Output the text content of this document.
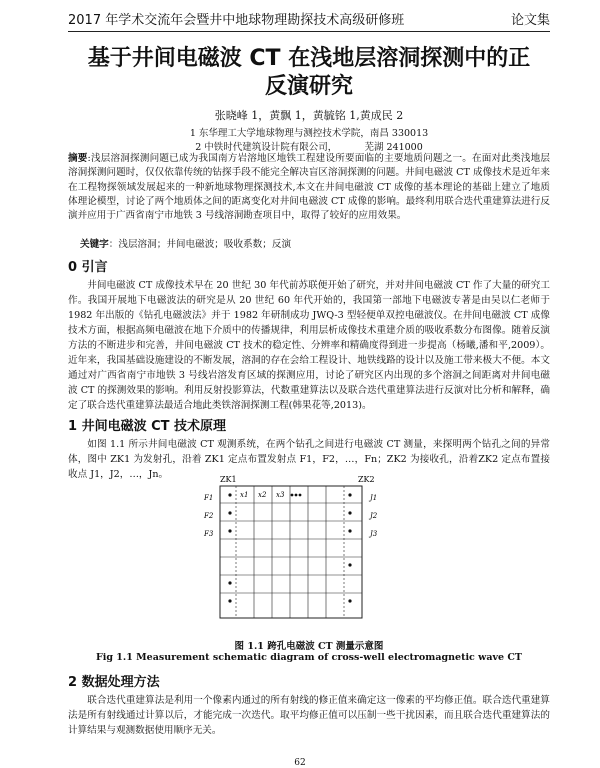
2017 年学术交流年会暨井中地球物理勘探技术高级研修班	论文集
基于井间电磁波 CT 在浅地层溶洞探测中的正
反演研究
张晓峰 1，黄飘 1，黄毓铭 1,黄成民 2
1 东华理工大学地球物理与测控技术学院，南昌 330013
2 中铁时代建筑设计院有限公司，         芜湖 241000
摘要:浅层溶洞探测问题已成为我国南方岩溶地区地铁工程建设所要面临的主要地质问题之一。在面对此类浅地层溶洞探测问题时，仅仅依靠传统的钻探手段不能完全解决盲区溶洞探测的问题。井间电磁波 CT 成像技术是近年来在工程物探领域发展起来的一种新地球物理探测技术,本文在井间电磁波 CT 成像的基本理论的基础上建立了地质体理论模型，讨论了两个地质体之间的距离变化对井间电磁波 CT 成像的影响。最终利用联合迭代重建算法进行反演并应用于广西省南宁市地铁 3 号线溶洞勘查项目中，取得了较好的应用效果。
关键字：浅层溶洞；井间电磁波；吸收系数；反演
0 引言
井间电磁波 CT 成像技术早在 20 世纪 30 年代前苏联便开始了研究，并对井间电磁波 CT 作了大量的研究工作。我国开展地下电磁波法的研究是从 20 世纪 60 年代开始的，我国第一部地下电磁波专著是由吴以仁老师于 1982 年出版的《钻孔电磁波法》并于 1982 年研制成功 JWQ-3 型轻便单双控电磁波仪。在井间电磁波 CT 成像技术方面，根据高频电磁波在地下介质中的传播规律，利用层析成像技术重建介质的吸收系数分布图像。随着反演方法的不断进步和完善，井间电磁波 CT 技术的稳定性、分辨率和精确度得到进一步提高（杨曦,潘和平,2009）。近年来，我国基础设施建设的不断发展，溶洞的存在会给工程设计、地铁线路的设计以及施工带来极大不便。本文通过对广西省南宁市地铁 3 号线岩溶发育区域的探测应用，讨论了研究区内出现的多个溶洞之间距离对井间电磁波 CT 的探测效果的影响。利用反射投影算法，代数重建算法以及联合迭代重建算法进行反演对比分析和解释，确定了联合迭代重建算法最适合地此类铁溶洞探测工程(韩果花等,2013)。
1 井间电磁波 CT 技术原理
如图 1.1 所示井间电磁波 CT 观测系统，在两个钻孔之间进行电磁波 CT 测量，来探明两个钻孔之间的异常体，图中 ZK1 为发射孔，沿着 ZK1 定点布置发射点 F1，F2，…，Fn；ZK2 为接收孔，沿着ZK2 定点布置接收点 J1，J2，…，Jn。	ZK1	ZK2
F1
F2
F3
x1 x2 x3	J1
J2
J3
图 1.1 跨孔电磁波 CT 测量示意图
Fig 1.1 Measurement schematic diagram of cross-well electromagnetic wave CT
2 数据处理方法
联合迭代重建算法是利用一个像素内通过的所有射线的修正值来确定这一像素的平均修正值。联合迭代重建算法是所有射线通过计算以后，才能完成一次迭代。取平均修正值可以压制一些干扰因素，而且联合迭代重建算法的计算结果与观测数据使用顺序无关。
62
